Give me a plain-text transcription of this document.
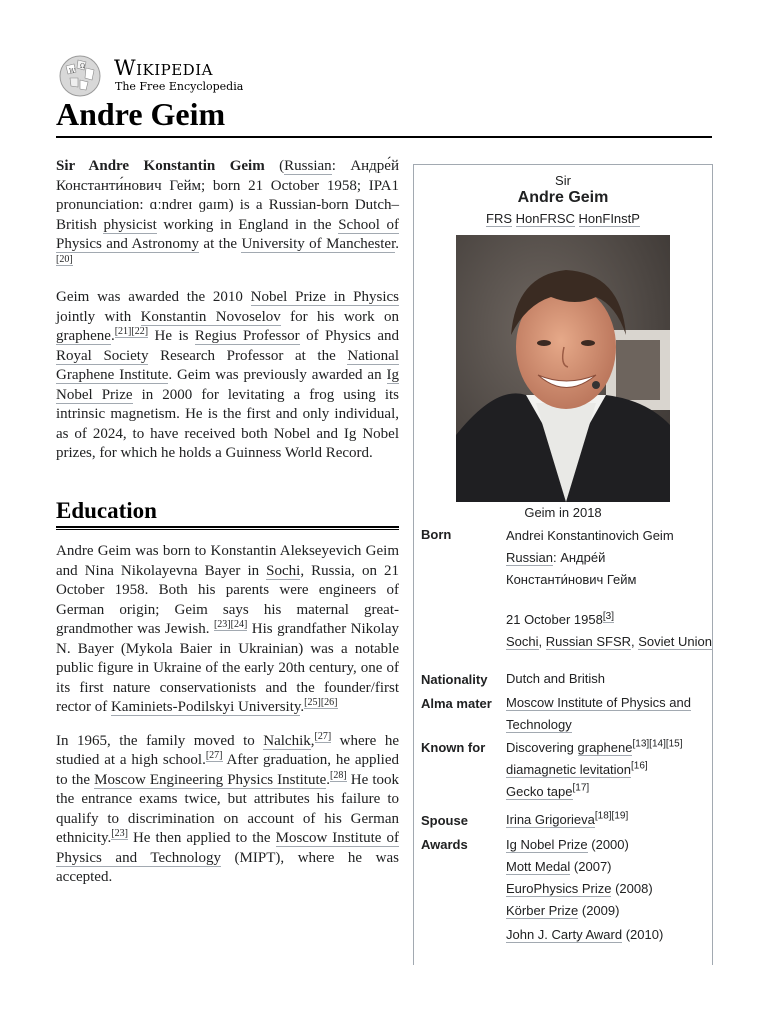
W
Ω Wikipedia
The Free Encyclopedia
Andre Geim

Sir Andre Konstantin Geim (Russian: Андре́й Константи́нович Гейм; born 21 October 1958; IPA1 pronunciation: ɑːndreɪ ɡaɪm) is a Russian-born Dutch–British physicist working in England in the School of Physics and Astronomy at the University of Manchester.[20]

Geim was awarded the 2010 Nobel Prize in Physics jointly with Konstantin Novoselov for his work on graphene.[21][22] He is Regius Professor of Physics and Royal Society Research Professor at the National Graphene Institute. Geim was previously awarded an Ig Nobel Prize in 2000 for levitating a frog using its intrinsic magnetism. He is the first and only individual, as of 2024, to have received both Nobel and Ig Nobel prizes, for which he holds a Guinness World Record.

Education

Andre Geim was born to Konstantin Alekseyevich Geim and Nina Nikolayevna Bayer in Sochi, Russia, on 21 October 1958. Both his parents were engineers of German origin; Geim says his maternal great-grandmother was Jewish. [23][24] His grandfather Nikolay N. Bayer (Mykola Baier in Ukrainian) was a notable public figure in Ukraine of the early 20th century, one of its first nature conservationists and the founder/first rector of Kaminiets-Podilskyi University.[25][26]

In 1965, the family moved to Nalchik,[27] where he studied at a high school.[27] After graduation, he applied to the Moscow Engineering Physics Institute.[28] He took the entrance exams twice, but attributes his failure to qualify to discrimination on account of his German ethnicity.[23] He then applied to the Moscow Institute of Physics and Technology (MIPT), where he was accepted.

Sir
Andre Geim
FRS HonFRSC HonFInstP
Geim in 2018
Born	Andrei Konstantinovich Geim
Russian: Андре́й
Константи́нович Гейм
21 October 1958[3]
Sochi, Russian SFSR, Soviet Union
Nationality Dutch and British
Alma mater Moscow Institute of Physics and Technology
Known for Discovering graphene[13][14][15]
diamagnetic levitation[16]
Gecko tape[17]
Spouse	Irina Grigorieva[18][19]
Awards	Ig Nobel Prize (2000)
Mott Medal (2007)
EuroPhysics Prize (2008)
Körber Prize (2009)
John J. Carty Award (2010)
